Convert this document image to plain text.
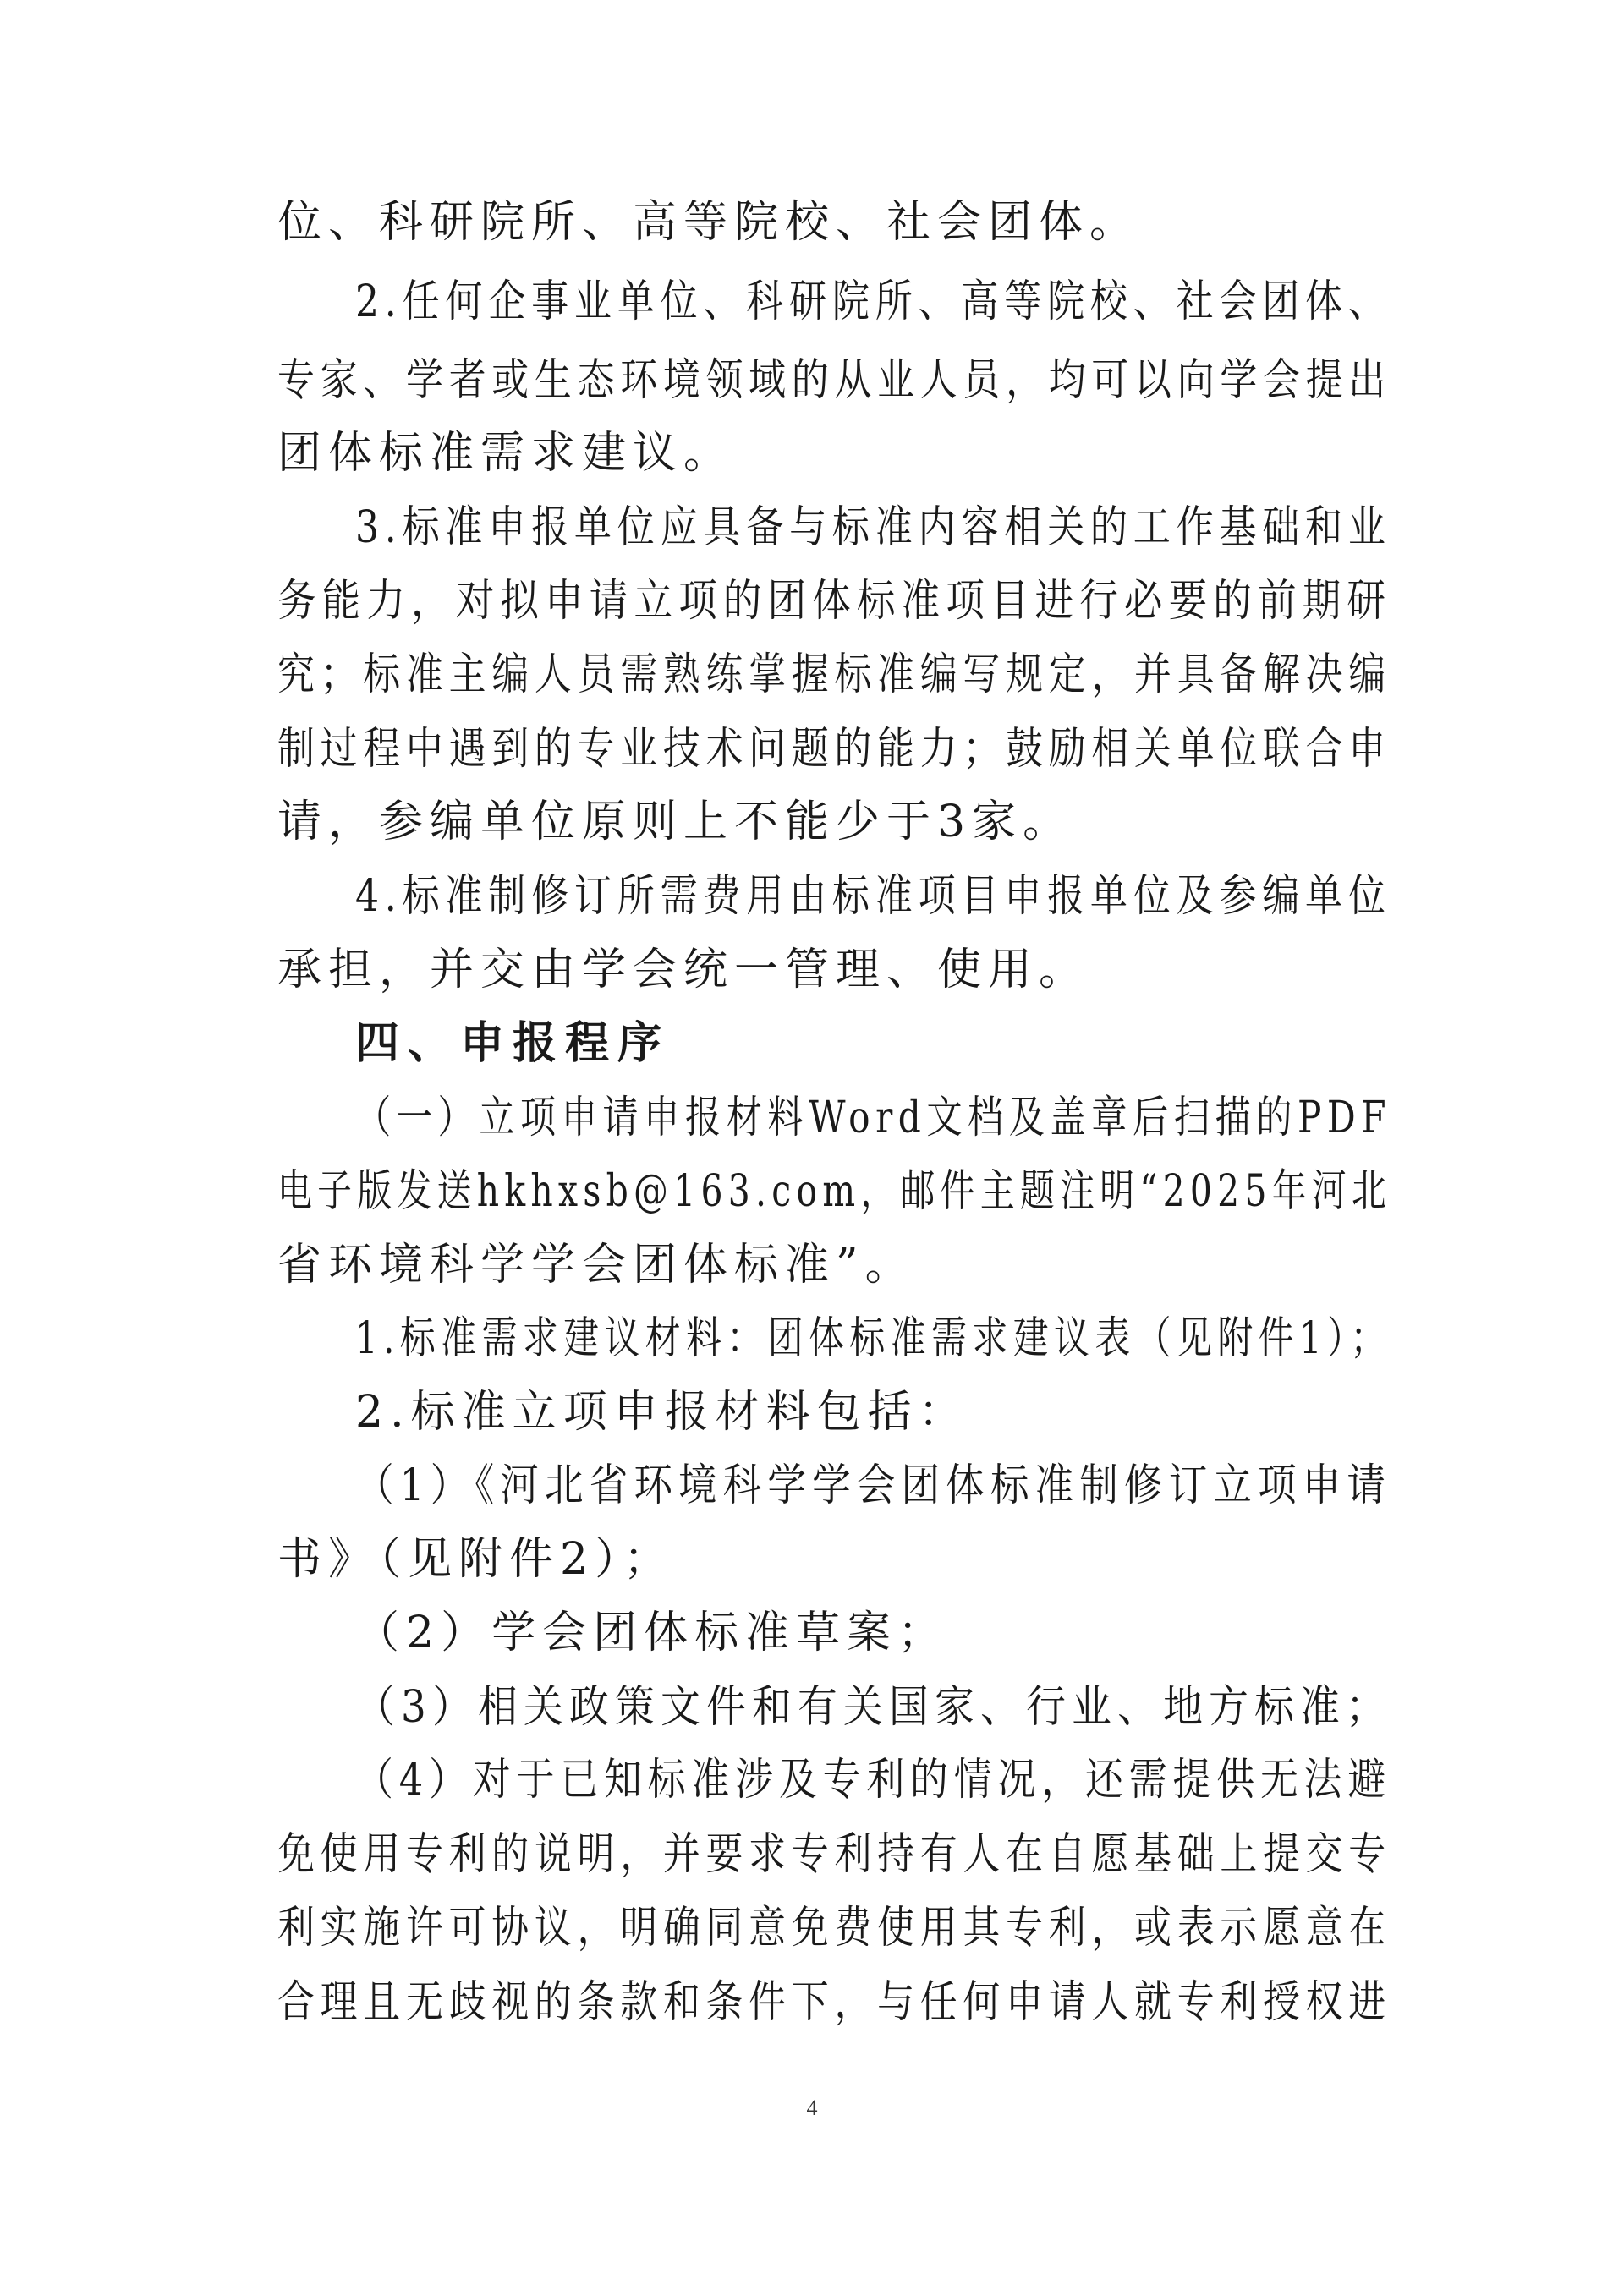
位、科研院所、高等院校、社会团体。
2.任何企事业单位、科研院所、高等院校、社会团体、
专家、学者或生态环境领域的从业人员，均可以向学会提出
团体标准需求建议。
3.标准申报单位应具备与标准内容相关的工作基础和业
务能力，对拟申请立项的团体标准项目进行必要的前期研
究；标准主编人员需熟练掌握标准编写规定，并具备解决编
制过程中遇到的专业技术问题的能力；鼓励相关单位联合申
请，参编单位原则上不能少于3家。
4.标准制修订所需费用由标准项目申报单位及参编单位
承担，并交由学会统一管理、使用。
四、申报程序
（一）立项申请申报材料Word文档及盖章后扫描的PDF
电子版发送hkhxsb@163.com，邮件主题注明“2025年河北
省环境科学学会团体标准”。
1.标准需求建议材料：团体标准需求建议表（见附件1）；
2.标准立项申报材料包括：
（1）《河北省环境科学学会团体标准制修订立项申请
书》（见附件2）；
（2）学会团体标准草案；
（3）相关政策文件和有关国家、行业、地方标准；
（4）对于已知标准涉及专利的情况，还需提供无法避
免使用专利的说明，并要求专利持有人在自愿基础上提交专
利实施许可协议，明确同意免费使用其专利，或表示愿意在
合理且无歧视的条款和条件下，与任何申请人就专利授权进
4
